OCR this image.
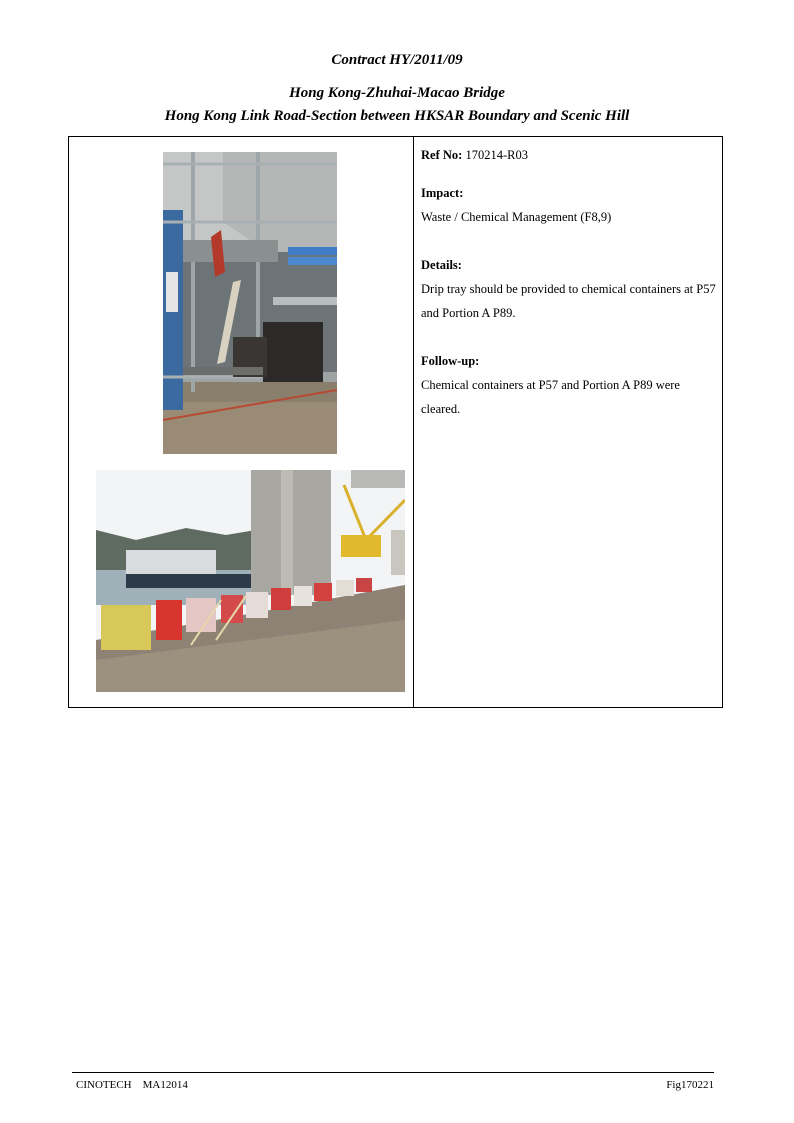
Contract HY/2011/09
Hong Kong-Zhuhai-Macao Bridge
Hong Kong Link Road-Section between HKSAR Boundary and Scenic Hill
Ref No: 170214-R03
Impact:
Waste / Chemical Management (F8,9)
Details:
Drip tray should be provided to chemical containers at P57 and Portion A P89.
Follow-up:
Chemical containers at P57 and Portion A P89 were cleared.
CINOTECH MA12014	Fig170221
